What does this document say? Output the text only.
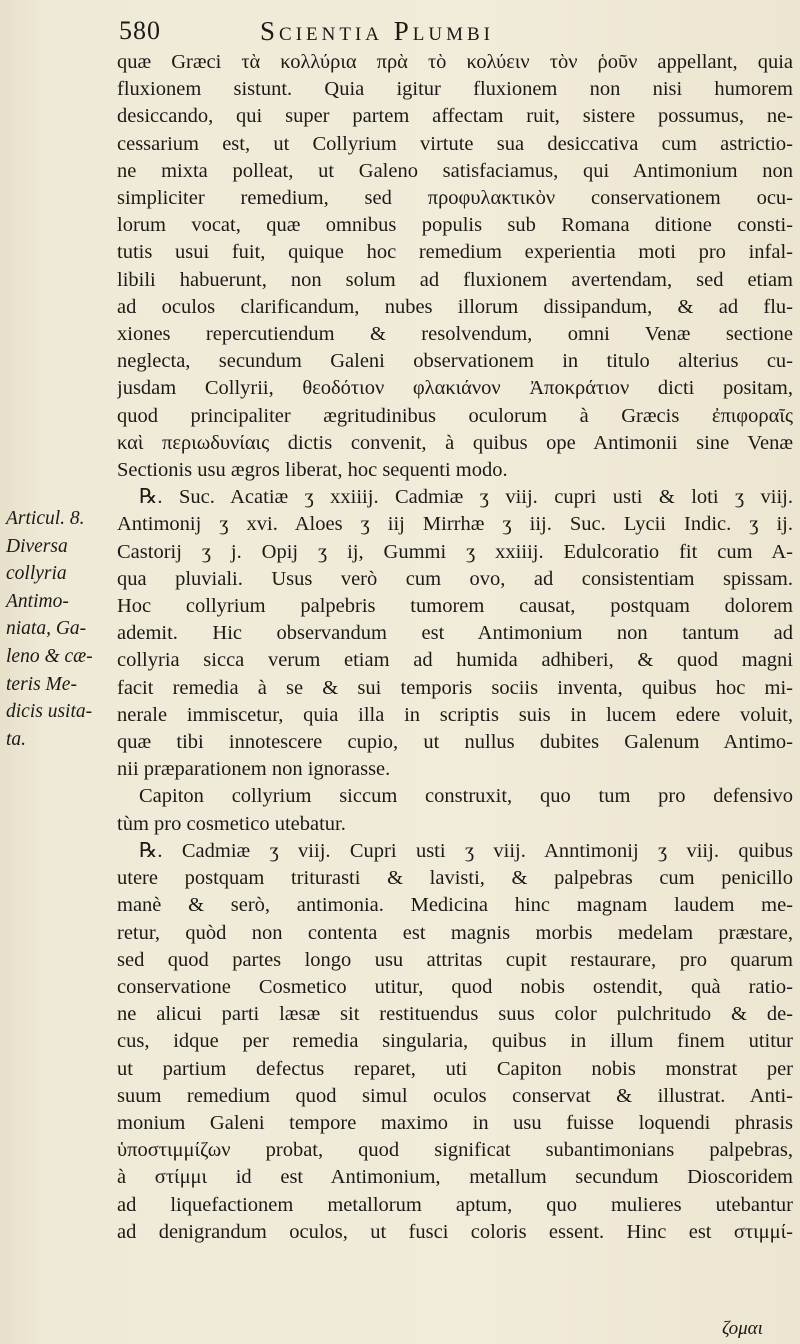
580	Scientia Plumbi
Articul. 8.
Diversa
collyria
Antimo-
niata, Ga-
leno & cæ-
teris Me-
dicis usita-
ta.
quæ Græci τὰ κολλύρια πρὰ τὸ κολύειν τὸν ῥοῦν appellant, quia
fluxionem sistunt. Quia igitur fluxionem non nisi humorem
desiccando, qui super partem affectam ruit, sistere possumus, ne-
cessarium est, ut Collyrium virtute sua desiccativa cum astrictio-
ne mixta polleat, ut Galeno satisfaciamus, qui Antimonium non
simpliciter remedium, sed προφυλακτικὸν conservationem ocu-
lorum vocat, quæ omnibus populis sub Romana ditione consti-
tutis usui fuit, quique hoc remedium experientia moti pro infal-
libili habuerunt, non solum ad fluxionem avertendam, sed etiam
ad oculos clarificandum, nubes illorum dissipandum, & ad flu-
xiones repercutiendum & resolvendum, omni Venæ sectione
neglecta, secundum Galeni observationem in titulo alterius cu-
jusdam Collyrii, θεοδότιον φλακιάνον Ἀποκράτιον dicti positam,
quod principaliter ægritudinibus oculorum à Græcis ἐπιφοραῖς
καὶ περιωδυνίαις dictis convenit, à quibus ope Antimonii sine Venæ
Sectionis usu ægros liberat, hoc sequenti modo.
℞. Suc. Acatiæ ʒ xxiiij. Cadmiæ ʒ viij. cupri usti & loti ʒ viij.
Antimonij ʒ xvi. Aloes ʒ iij Mirrhæ ʒ iij. Suc. Lycii Indic. ʒ ij.
Castorij ʒ j. Opij ʒ ij, Gummi ʒ xxiiij. Edulcoratio fit cum A-
qua pluviali. Usus verò cum ovo, ad consistentiam spissam.
Hoc collyrium palpebris tumorem causat, postquam dolorem
ademit. Hic observandum est Antimonium non tantum ad
collyria sicca verum etiam ad humida adhiberi, & quod magni
facit remedia à se & sui temporis sociis inventa, quibus hoc mi-
nerale immiscetur, quia illa in scriptis suis in lucem edere voluit,
quæ tibi innotescere cupio, ut nullus dubites Galenum Antimo-
nii præparationem non ignorasse.
Capiton collyrium siccum construxit, quo tum pro defensivo
tùm pro cosmetico utebatur.
℞. Cadmiæ ʒ viij. Cupri usti ʒ viij. Anntimonij ʒ viij. quibus
utere postquam triturasti & lavisti, & palpebras cum penicillo
manè & serò, antimonia. Medicina hinc magnam laudem me-
retur, quòd non contenta est magnis morbis medelam præstare,
sed quod partes longo usu attritas cupit restaurare, pro quarum
conservatione Cosmetico utitur, quod nobis ostendit, quà ratio-
ne alicui parti læsæ sit restituendus suus color pulchritudo & de-
cus, idque per remedia singularia, quibus in illum finem utitur
ut partium defectus reparet, uti Capiton nobis monstrat per
suum remedium quod simul oculos conservat & illustrat. Anti-
monium Galeni tempore maximo in usu fuisse loquendi phrasis
ὑποστιμμίζων probat, quod significat subantimonians palpebras,
à στίμμι id est Antimonium, metallum secundum Dioscoridem
ad liquefactionem metallorum aptum, quo mulieres utebantur
ad denigrandum oculos, ut fusci coloris essent. Hinc est στιμμί-
ζομαι
